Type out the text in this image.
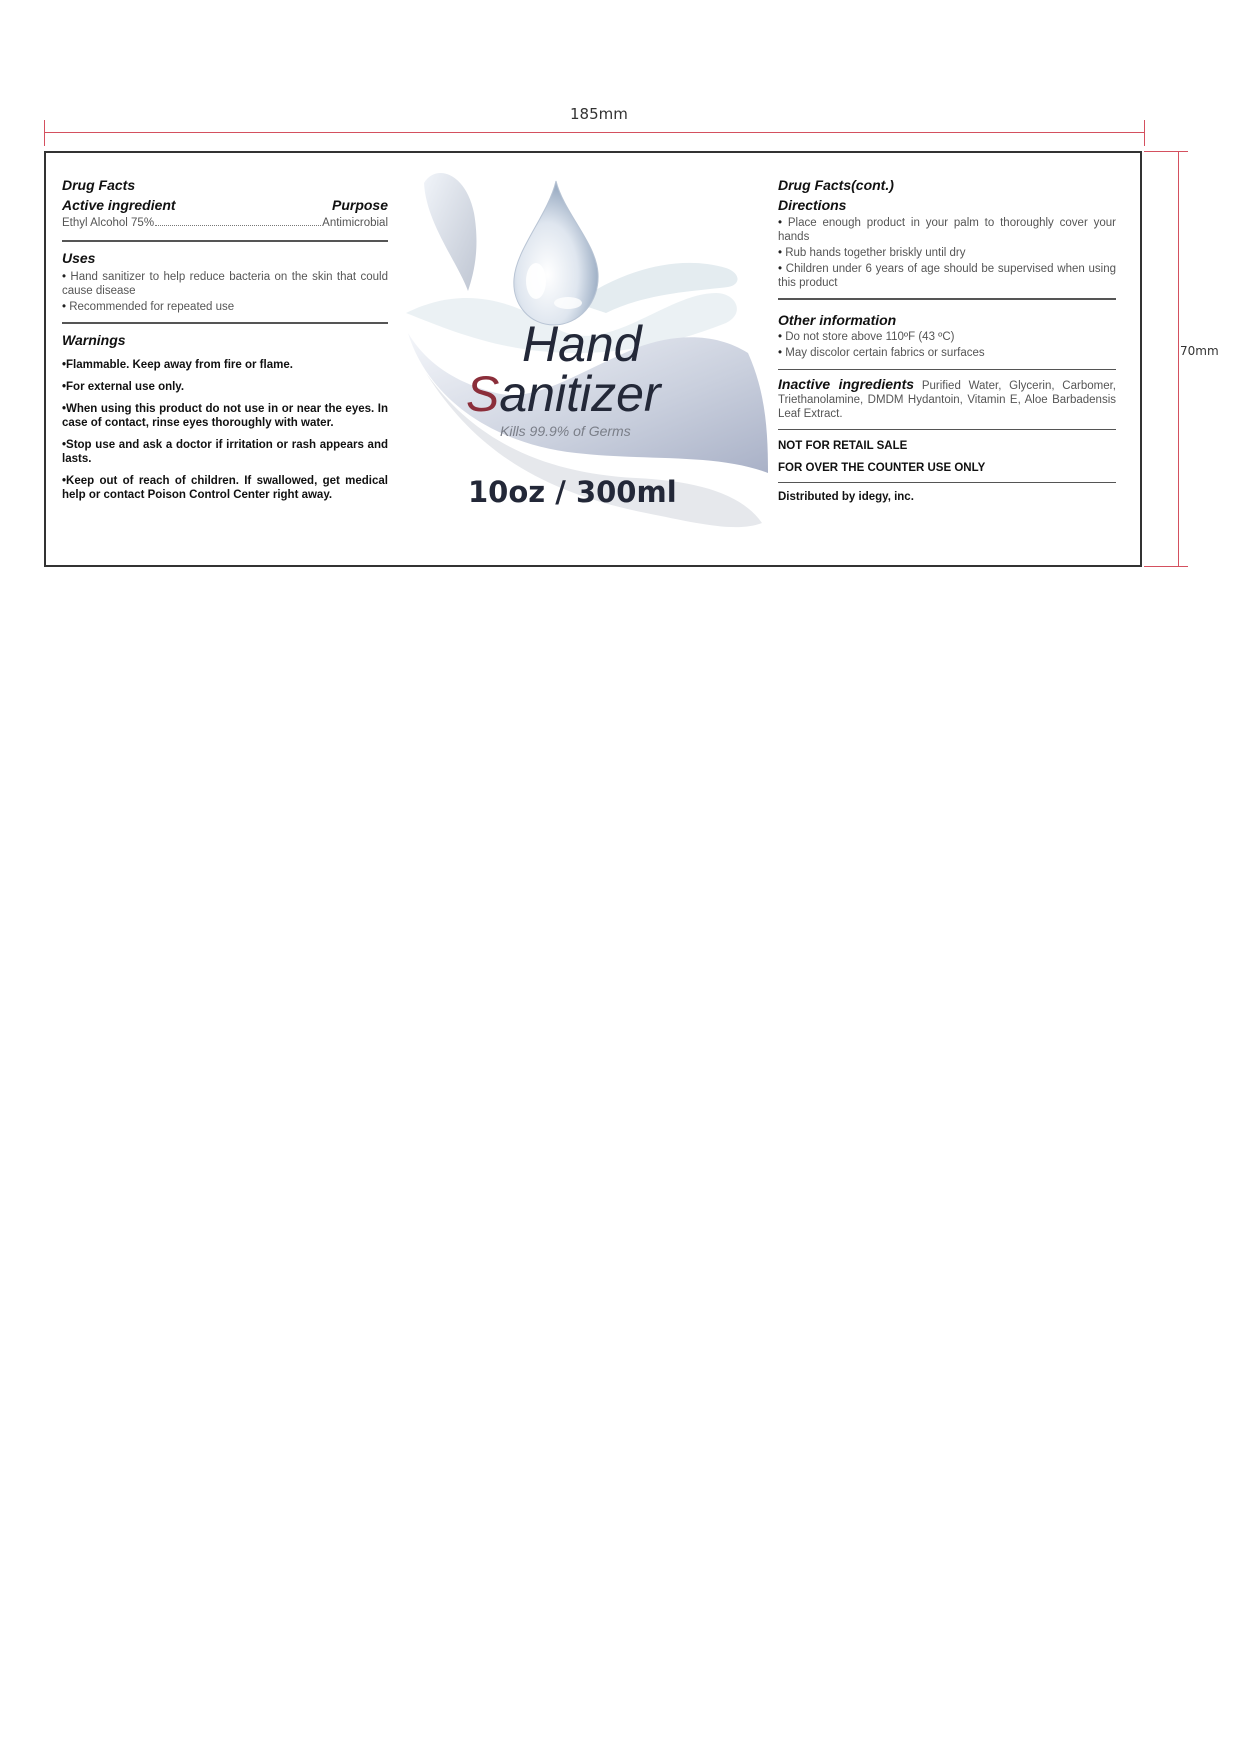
185mm
70mm
Drug Facts
Active ingredient	Purpose
Ethyl Alcohol 75%	Antimicrobial
Uses
• Hand sanitizer to help reduce bacteria on the skin that could cause disease
• Recommended for repeated use
Warnings
• Flammable. Keep away from fire or flame.
• For external use only.
• When using this product do not use in or near the eyes. In case of contact, rinse eyes thoroughly with water.
• Stop use and ask a doctor if irritation or rash appears and lasts.
• Keep out of reach of children. If swallowed, get medical help or contact Poison Control Center right away.
Hand
Sanitizer
Kills 99.9% of Germs
10oz / 300ml
Drug Facts(cont.)
Directions
• Place enough product in your palm to thoroughly cover your hands
• Rub hands together briskly until dry
• Children under 6 years of age should be supervised when using this product
Other information
• Do not store above 110ºF (43 ºC)
• May discolor certain fabrics or surfaces
Inactive ingredients Purified Water, Glycerin, Carbomer, Triethanolamine, DMDM Hydantoin, Vitamin E, Aloe Barbadensis Leaf Extract.
NOT FOR RETAIL SALE
FOR OVER THE COUNTER USE ONLY
Distributed by idegy, inc.
